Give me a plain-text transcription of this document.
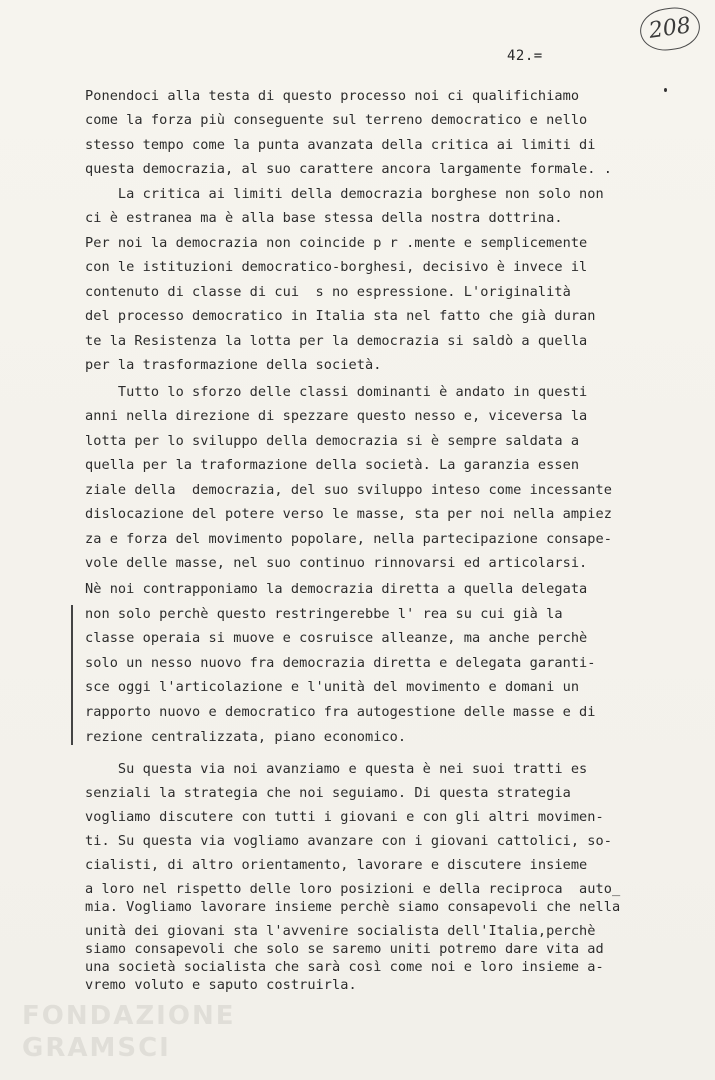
208
42.=
Ponendoci alla testa di questo processo noi ci qualifichiamo
come la forza più conseguente sul terreno democratico e nello
stesso tempo come la punta avanzata della critica ai limiti di
questa democrazia, al suo carattere ancora largamente formale. .
La critica ai limiti della democrazia borghese non solo non
ci è estranea ma è alla base stessa della nostra dottrina.
Per noi la democrazia non coincide p r .mente e semplicemente
con le istituzioni democratico-borghesi, decisivo è invece il
contenuto di classe di cui  s no espressione. L'originalità
del processo democratico in Italia sta nel fatto che già duran
te la Resistenza la lotta per la democrazia si saldò a quella
per la trasformazione della società.
Tutto lo sforzo delle classi dominanti è andato in questi
anni nella direzione di spezzare questo nesso e, viceversa la
lotta per lo sviluppo della democrazia si è sempre saldata a
quella per la traformazione della società. La garanzia essen
ziale della  democrazia, del suo sviluppo inteso come incessante
dislocazione del potere verso le masse, sta per noi nella ampiez
za e forza del movimento popolare, nella partecipazione consape-
vole delle masse, nel suo continuo rinnovarsi ed articolarsi.
Nè noi contrapponiamo la democrazia diretta a quella delegata
non solo perchè questo restringerebbe l' rea su cui già la
classe operaia si muove e cosruisce alleanze, ma anche perchè
solo un nesso nuovo fra democrazia diretta e delegata garanti-
sce oggi l'articolazione e l'unità del movimento e domani un
rapporto nuovo e democratico fra autogestione delle masse e di
rezione centralizzata, piano economico.
Su questa via noi avanziamo e questa è nei suoi tratti es
senziali la strategia che noi seguiamo. Di questa strategia
vogliamo discutere con tutti i giovani e con gli altri movimen-
ti. Su questa via vogliamo avanzare con i giovani cattolici, so-
cialisti, di altro orientamento, lavorare e discutere insieme
a loro nel rispetto delle loro posizioni e della reciproca  auto_
mia. Vogliamo lavorare insieme perchè siamo consapevoli che nella
unità dei giovani sta l'avvenire socialista dell'Italia,perchè
siamo consapevoli che solo se saremo uniti potremo dare vita ad
una società socialista che sarà così come noi e loro insieme a-
vremo voluto e saputo costruirla.
FONDAZIONE
GRAMSCI
